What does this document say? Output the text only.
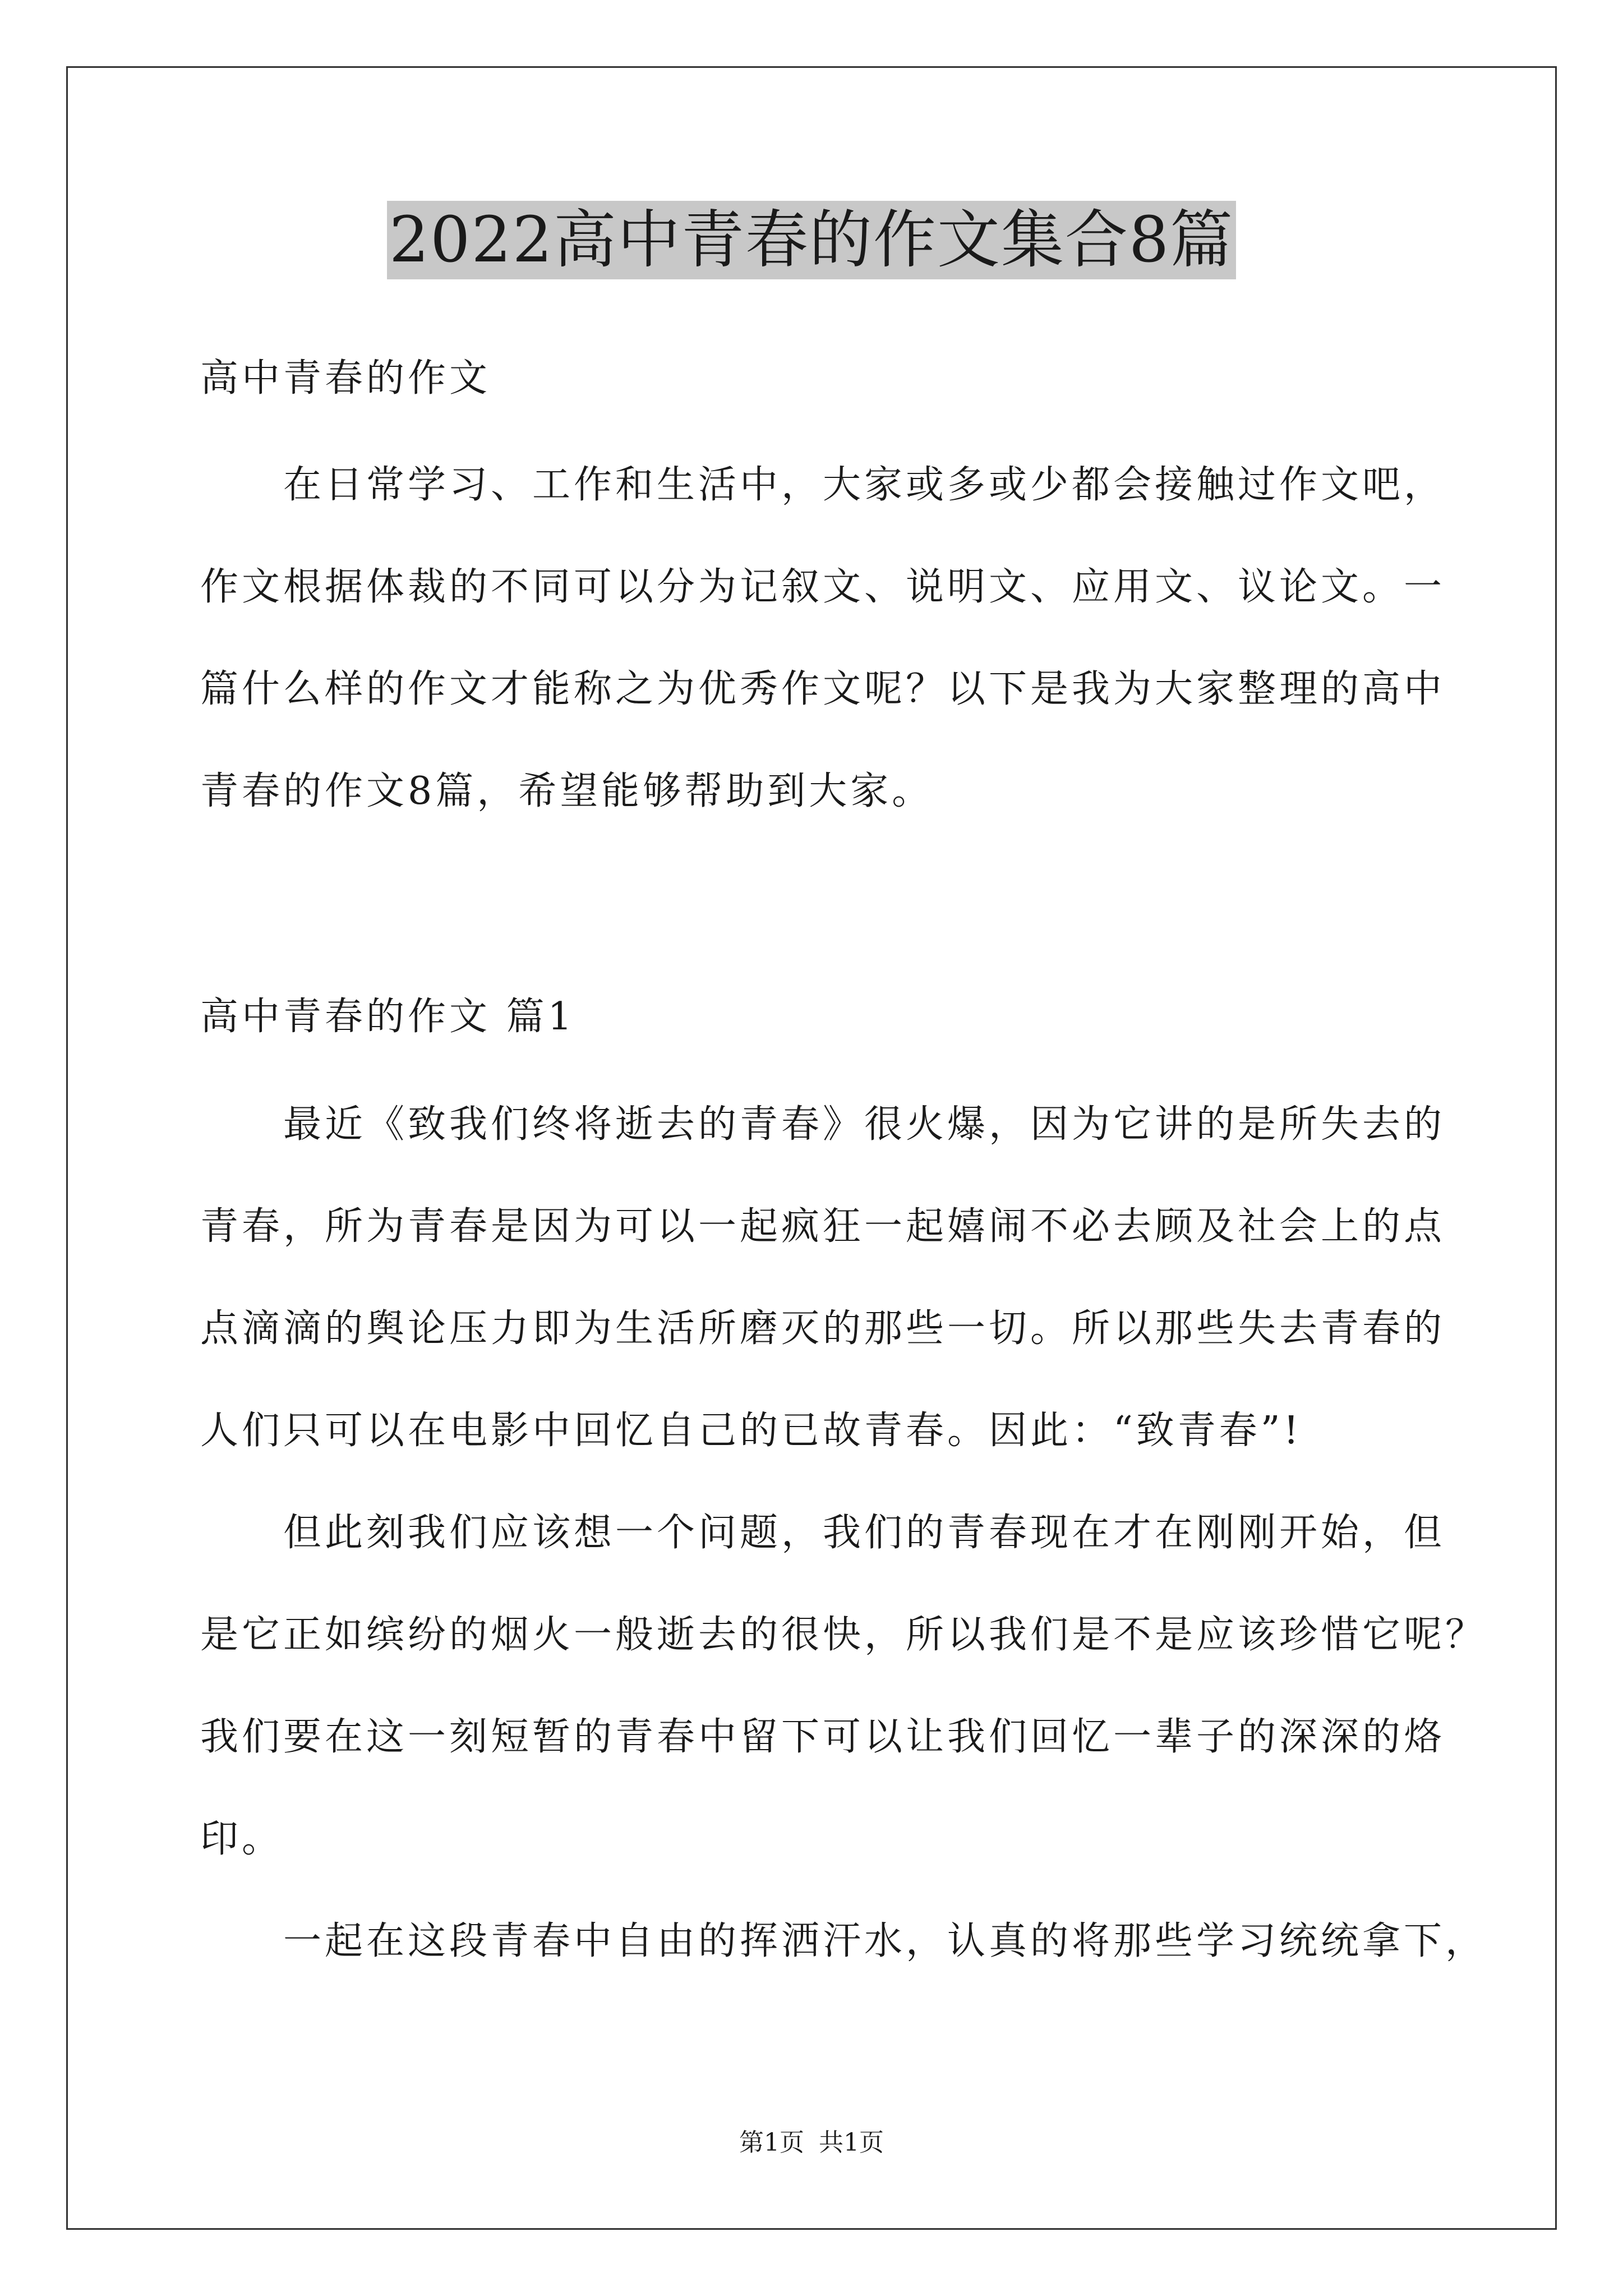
2022高中青春的作文集合8篇
高中青春的作文
在日常学习、工作和生活中，大家或多或少都会接触过作文吧，
作文根据体裁的不同可以分为记叙文、说明文、应用文、议论文。一
篇什么样的作文才能称之为优秀作文呢？以下是我为大家整理的高中
青春的作文8篇，希望能够帮助到大家。
高中青春的作文 篇1
最近《致我们终将逝去的青春》很火爆，因为它讲的是所失去的
青春，所为青春是因为可以一起疯狂一起嬉闹不必去顾及社会上的点
点滴滴的舆论压力即为生活所磨灭的那些一切。所以那些失去青春的
人们只可以在电影中回忆自己的已故青春。因此：“致青春”!
但此刻我们应该想一个问题，我们的青春现在才在刚刚开始，但
是它正如缤纷的烟火一般逝去的很快，所以我们是不是应该珍惜它呢？
我们要在这一刻短暂的青春中留下可以让我们回忆一辈子的深深的烙
印。
一起在这段青春中自由的挥洒汗水，认真的将那些学习统统拿下，
第1页 共1页
